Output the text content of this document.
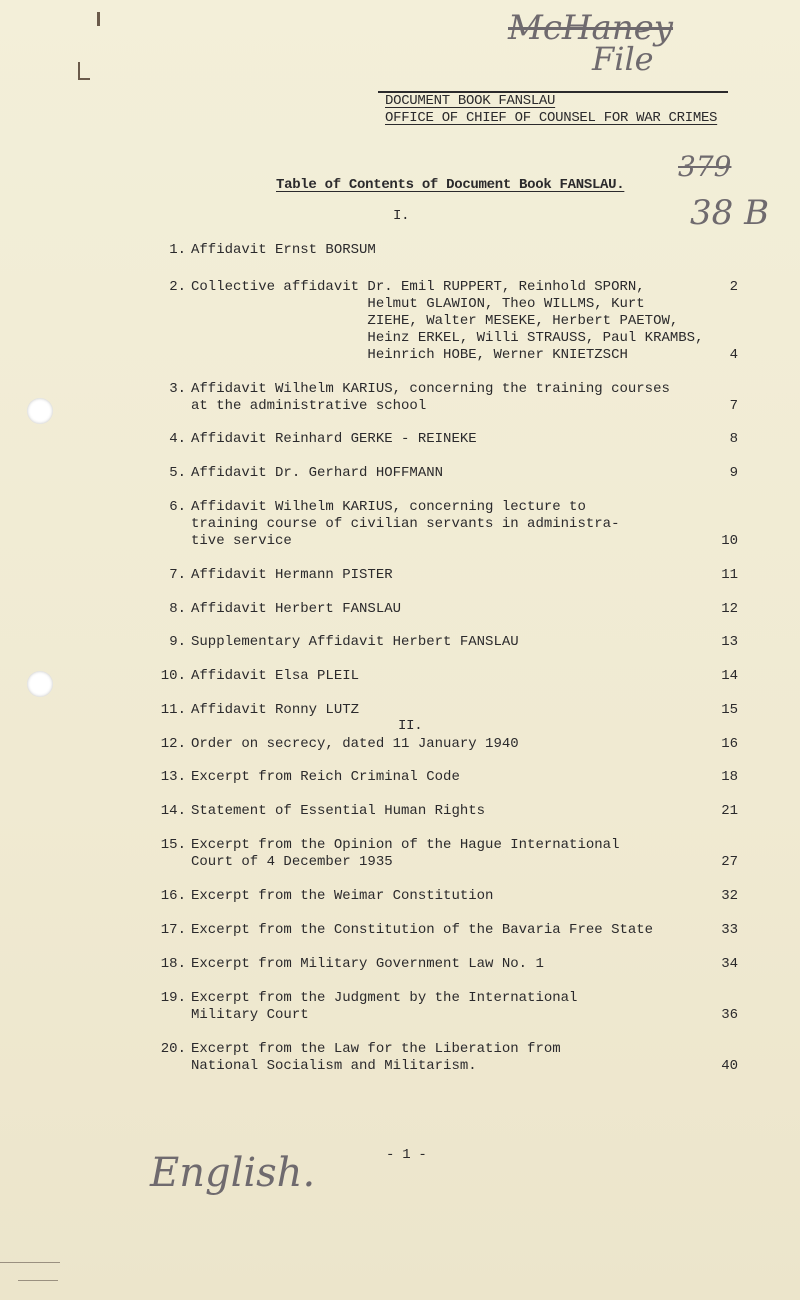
McHaney
File
379
38 B
DOCUMENT BOOK FANSLAU
OFFICE OF CHIEF OF COUNSEL FOR WAR CRIMES
Table of Contents of Document Book FANSLAU.
I.
1. Affidavit Ernst BORSUM
2. Collective affidavit Dr. Emil RUPPERT, Reinhold SPORN,	2
Helmut GLAWION, Theo WILLMS, Kurt
ZIEHE, Walter MESEKE, Herbert PAETOW,
Heinz ERKEL, Willi STRAUSS, Paul KRAMBS,
Heinrich HOBE, Werner KNIETZSCH	4
3. Affidavit Wilhelm KARIUS, concerning the training courses
at the administrative school	7
4. Affidavit Reinhard GERKE - REINEKE	8
5. Affidavit Dr. Gerhard HOFFMANN	9
6. Affidavit Wilhelm KARIUS, concerning lecture to
training course of civilian servants in administra-
tive service	10
7. Affidavit Hermann PISTER	11
8. Affidavit Herbert FANSLAU	12
9. Supplementary Affidavit Herbert FANSLAU	13
10. Affidavit Elsa PLEIL	14
11. Affidavit Ronny LUTZ	15
12. Order on secrecy, dated 11 January 1940	16
13. Excerpt from Reich Criminal Code	18
14. Statement of Essential Human Rights	21
15. Excerpt from the Opinion of the Hague International
Court of 4 December 1935	27
16. Excerpt from the Weimar Constitution	32
17. Excerpt from the Constitution of the Bavaria Free State	33
18. Excerpt from Military Government Law No. 1	34
19. Excerpt from the Judgment by the International
Military Court	36
20. Excerpt from the Law for the Liberation from
National Socialism and Militarism.	40
II.
- 1 -
English.
